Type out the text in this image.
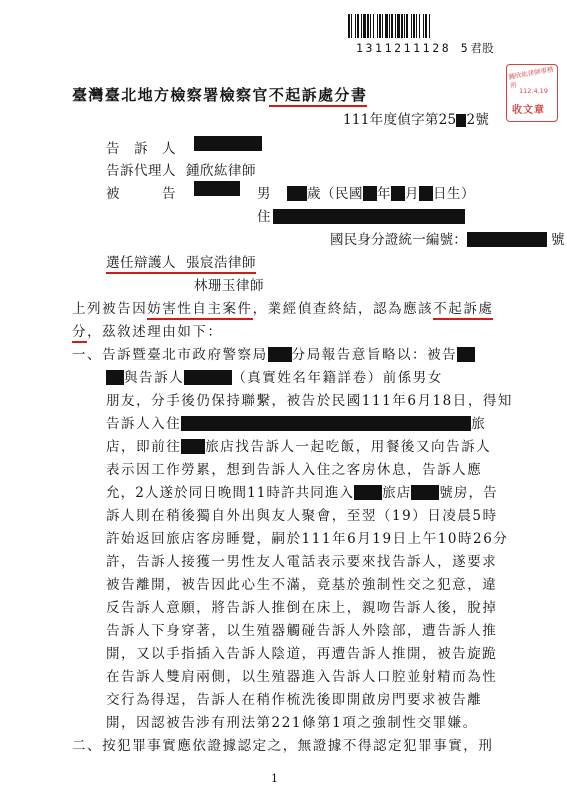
1311211128 5君股
鍾欣紘律師事務所
112.4.19
收文章
臺灣臺北地方檢察署檢察官不起訴處分書
111年度偵字第25 2號
告　訴　人
告訴代理人 鍾欣紘律師
被　　　告	男	歲（民國 年 月 日生）
住
國民身分證統一編號：	號
選任辯護人 張宸浩律師
林珊玉律師
上列被告因妨害性自主案件，業經偵查終結，認為應該不起訴處
分，茲敘述理由如下：
一、告訴暨臺北市政府警察局 分局報告意旨略以：被告
與告訴人	（真實姓名年籍詳卷）前係男女
朋友，分手後仍保持聯繫，被告於民國111年6月18日，得知
告訴人入住	旅
店，即前往 旅店找告訴人一起吃飯，用餐後又向告訴人
表示因工作勞累，想到告訴人入住之客房休息，告訴人應
允，2人遂於同日晚間11時許共同進入 旅店 號房，告
訴人則在稍後獨自外出與友人聚會，至翌（19）日凌晨5時
許始返回旅店客房睡覺，嗣於111年6月19日上午10時26分
許，告訴人接獲一男性友人電話表示要來找告訴人，遂要求
被告離開，被告因此心生不滿，竟基於強制性交之犯意，違
反告訴人意願，將告訴人推倒在床上，親吻告訴人後，脫掉
告訴人下身穿著，以生殖器觸碰告訴人外陰部，遭告訴人推
開，又以手指插入告訴人陰道，再遭告訴人推開，被告旋跪
在告訴人雙肩兩側，以生殖器進入告訴人口腔並射精而為性
交行為得逞，告訴人在稍作梳洗後即開啟房門要求被告離
開，因認被告涉有刑法第221條第1項之強制性交罪嫌。
二、按犯罪事實應依證據認定之，無證據不得認定犯罪事實，刑
1
